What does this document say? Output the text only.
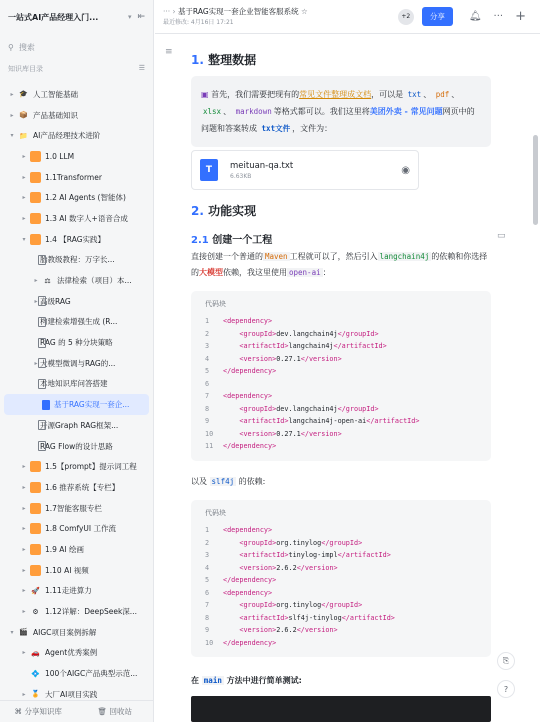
一站式AI产品经理入门...	▾ ⇤
⚲ 搜索
知识库目录	☰
▸ 🎓 人工智能基础
▸ 📦 产品基础知识
▾ 📁 AI产品经理技术进阶
▸	1.0 LLM
▸	1.1Transformer
▸	1.2 AI Agents (智能体)
▸	1.3 AI 数字人+语音合成
▾	1.4 【RAG实践】
胎教级教程：万字长...
▸ ⚖ 法律检索（项目）本...
▸ 高级RAG
构建检索增强生成 (R...
RAG 的 5 种分块策略
▸ 大模型微调与RAG的...
本地知识库问答搭建
基于RAG实现一套企...
开源Graph RAG框架...
RAG Flow的设计思路
▸	1.5【prompt】提示词工程
▸	1.6 推荐系统【专栏】
▸	1.7智能客服专栏
▸	1.8 ComfyUI 工作流
▸	1.9 AI 绘画
▸	1.10 AI 视频
▸ 🚀 1.11走进算力
▸ ⚙ 1.12详解：DeepSeek深...
▾ 🎬 AIGC项目案例拆解
▸ 🚗 Agent优秀案例
💠 100个AIGC产品典型示范...
▸ 🏅 大厂AI项目实践
⌘ 分享知识库	🗑 回收站
··· › 基于RAG实现一套企业智能客服系统 ☆
最近修改: 4月16日 17:21
+2	分享	🔔︎ ··· +
≡
1. 整理数据
▣ 首先，我们需要把现有的常见文件整理成文档，可以是 txt 、 pdf 、 xlsx 、 markdown 等格式都可以。我们这里将美团外卖 - 常见问题网页中的问题和答案转成 txt文件 ，文件为：
T	meituan-qa.txt
6.63KB
◉
2. 功能实现
2.1 创建一个工程	▭
直接创建一个普通的 Maven 工程就可以了，然后引入 langchain4j 的依赖和你选择的大模型依赖，我这里使用 open-ai ：
代码块
1 <dependency>
2	<groupId>dev.langchain4j</groupId>
3	<artifactId>langchain4j</artifactId>
4	<version>0.27.1</version>
5 </dependency>
6
7 <dependency>
8	<groupId>dev.langchain4j</groupId>
9	<artifactId>langchain4j-open-ai</artifactId>
10	<version>0.27.1</version>
11 </dependency>
以及 slf4j 的依赖:
代码块
1 <dependency>
2	<groupId>org.tinylog</groupId>
3	<artifactId>tinylog-impl</artifactId>
4	<version>2.6.2</version>
5 </dependency>
6 <dependency>
7	<groupId>org.tinylog</groupId>
8	<artifactId>slf4j-tinylog</artifactId>
9	<version>2.6.2</version>
10 </dependency>
在 main 方法中进行简单测试:
⎘
?
